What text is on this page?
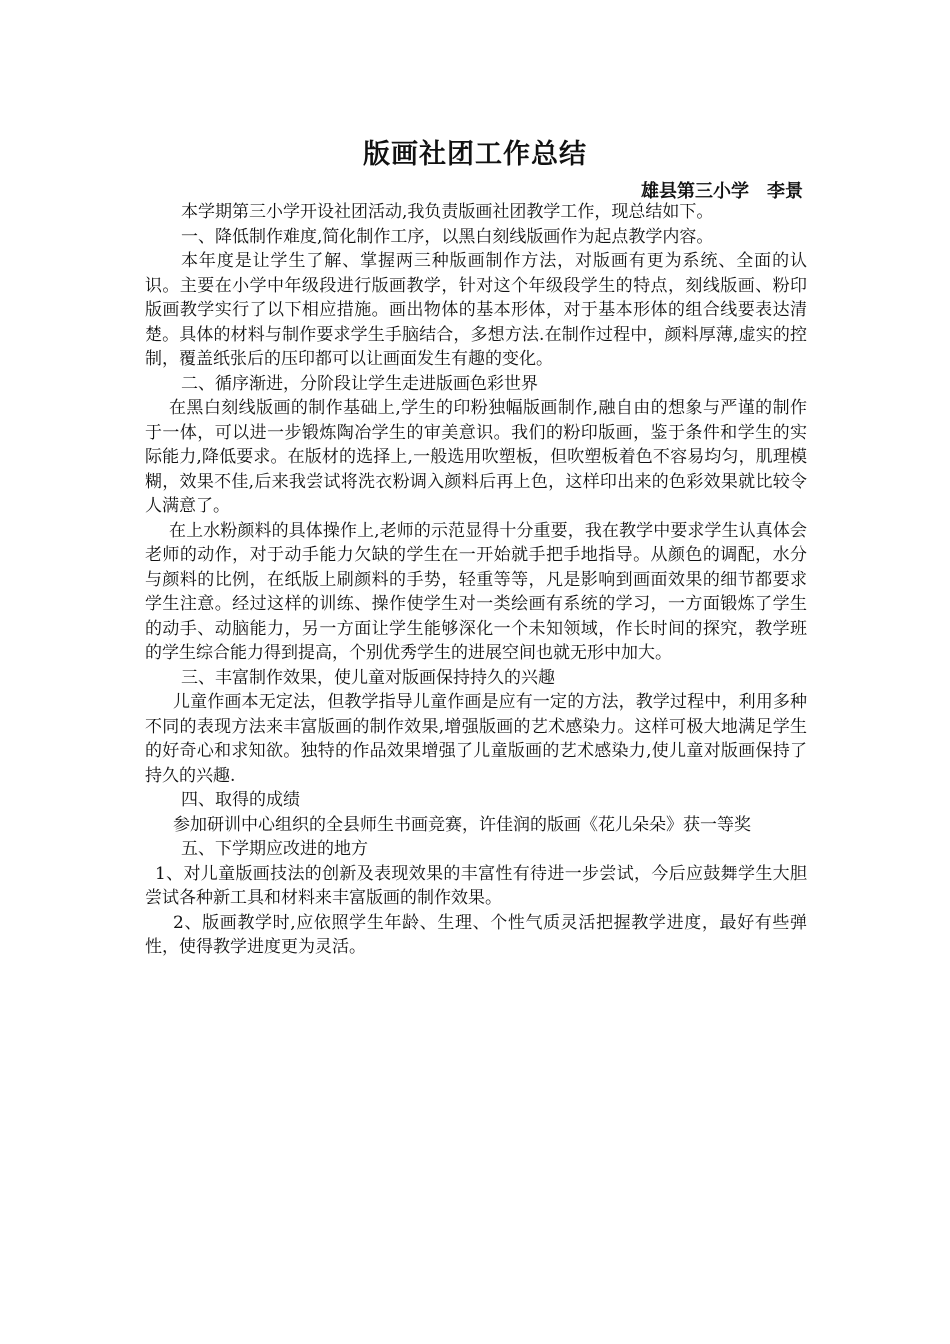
版画社团工作总结
雄县第三小学　李景

本学期第三小学开设社团活动,我负责版画社团教学工作，现总结如下。

一、降低制作难度,简化制作工序，以黑白刻线版画作为起点教学内容。

本年度是让学生了解、掌握两三种版画制作方法，对版画有更为系统、全面的认识。主要在小学中年级段进行版画教学，针对这个年级段学生的特点，刻线版画、粉印版画教学实行了以下相应措施。画出物体的基本形体，对于基本形体的组合线要表达清楚。具体的材料与制作要求学生手脑结合，多想方法.在制作过程中，颜料厚薄,虚实的控制，覆盖纸张后的压印都可以让画面发生有趣的变化。

二、循序渐进，分阶段让学生走进版画色彩世界

在黑白刻线版画的制作基础上,学生的印粉独幅版画制作,融自由的想象与严谨的制作于一体，可以进一步锻炼陶冶学生的审美意识。我们的粉印版画，鉴于条件和学生的实际能力,降低要求。在版材的选择上,一般选用吹塑板，但吹塑板着色不容易均匀，肌理模糊，效果不佳,后来我尝试将洗衣粉调入颜料后再上色，这样印出来的色彩效果就比较令人满意了。

在上水粉颜料的具体操作上,老师的示范显得十分重要，我在教学中要求学生认真体会老师的动作，对于动手能力欠缺的学生在一开始就手把手地指导。从颜色的调配，水分与颜料的比例，在纸版上刷颜料的手势，轻重等等，凡是影响到画面效果的细节都要求学生注意。经过这样的训练、操作使学生对一类绘画有系统的学习，一方面锻炼了学生的动手、动脑能力，另一方面让学生能够深化一个未知领域，作长时间的探究，教学班的学生综合能力得到提高，个别优秀学生的进展空间也就无形中加大。

三、丰富制作效果，使儿童对版画保持持久的兴趣

儿童作画本无定法，但教学指导儿童作画是应有一定的方法，教学过程中，利用多种不同的表现方法来丰富版画的制作效果,增强版画的艺术感染力。这样可极大地满足学生的好奇心和求知欲。独特的作品效果增强了儿童版画的艺术感染力,使儿童对版画保持了持久的兴趣.

四、取得的成绩

参加研训中心组织的全县师生书画竞赛，许佳润的版画《花儿朵朵》获一等奖

五、下学期应改进的地方

1、对儿童版画技法的创新及表现效果的丰富性有待进一步尝试，今后应鼓舞学生大胆尝试各种新工具和材料来丰富版画的制作效果。

2、版画教学时,应依照学生年龄、生理、个性气质灵活把握教学进度，最好有些弹性，使得教学进度更为灵活。
